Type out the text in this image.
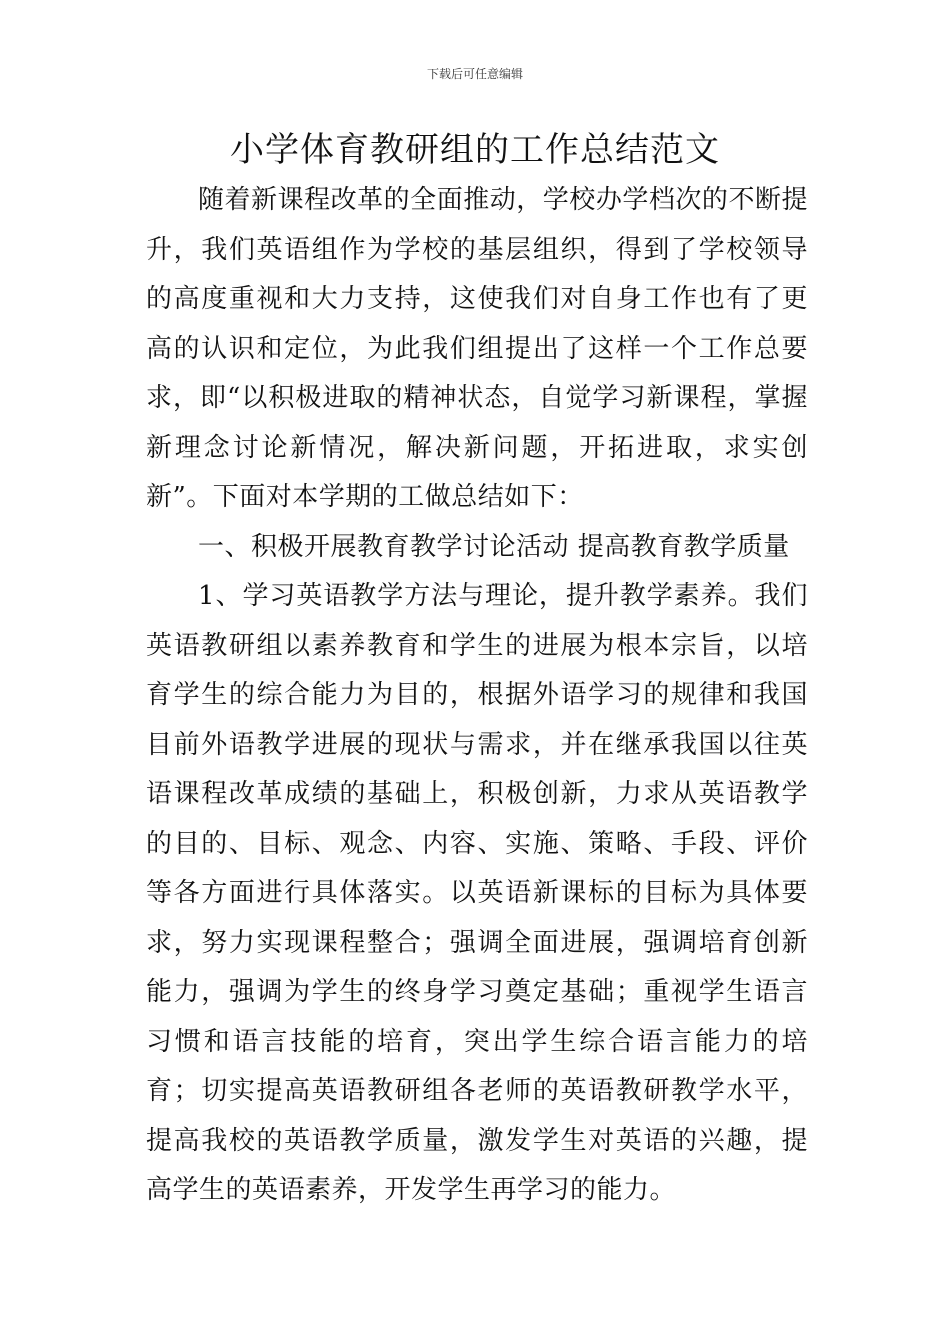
下载后可任意编辑
小学体育教研组的工作总结范文

随着新课程改革的全面推动，学校办学档次的不断提升，我们英语组作为学校的基层组织，得到了学校领导的高度重视和大力支持，这使我们对自身工作也有了更高的认识和定位，为此我们组提出了这样一个工作总要求，即“以积极进取的精神状态，自觉学习新课程，掌握新理念讨论新情况，解决新问题，开拓进取，求实创新”。下面对本学期的工做总结如下：

一、积极开展教育教学讨论活动 提高教育教学质量

1、学习英语教学方法与理论，提升教学素养。我们英语教研组以素养教育和学生的进展为根本宗旨，以培育学生的综合能力为目的，根据外语学习的规律和我国目前外语教学进展的现状与需求，并在继承我国以往英语课程改革成绩的基础上，积极创新，力求从英语教学的目的、目标、观念、内容、实施、策略、手段、评价等各方面进行具体落实。以英语新课标的目标为具体要求，努力实现课程整合；强调全面进展，强调培育创新能力，强调为学生的终身学习奠定基础；重视学生语言习惯和语言技能的培育，突出学生综合语言能力的培育；切实提高英语教研组各老师的英语教研教学水平，提高我校的英语教学质量，激发学生对英语的兴趣，提高学生的英语素养，开发学生再学习的能力。
